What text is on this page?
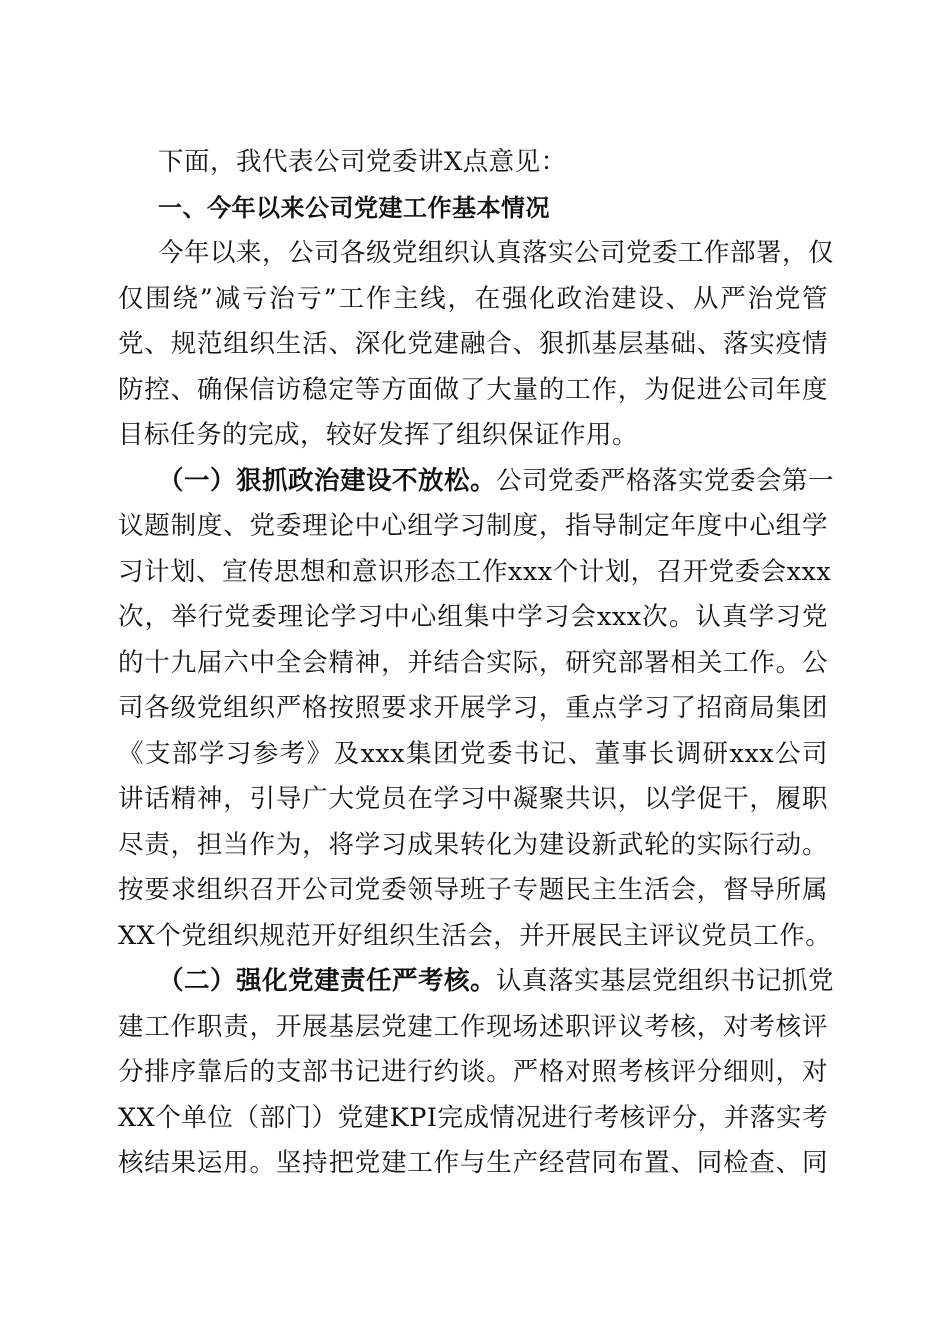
下面，我代表公司党委讲X点意见：
一、今年以来公司党建工作基本情况
今年以来，公司各级党组织认真落实公司党委工作部署，仅
仅围绕”减亏治亏”工作主线，在强化政治建设、从严治党管
党、规范组织生活、深化党建融合、狠抓基层基础、落实疫情
防控、确保信访稳定等方面做了大量的工作，为促进公司年度
目标任务的完成，较好发挥了组织保证作用。
（一）狠抓政治建设不放松。公司党委严格落实党委会第一
议题制度、党委理论中心组学习制度，指导制定年度中心组学
习计划、宣传思想和意识形态工作xxx个计划，召开党委会xxx
次，举行党委理论学习中心组集中学习会xxx次。认真学习党
的十九届六中全会精神，并结合实际，研究部署相关工作。公
司各级党组织严格按照要求开展学习，重点学习了招商局集团
《支部学习参考》及xxx集团党委书记、董事长调研xxx公司
讲话精神，引导广大党员在学习中凝聚共识，以学促干，履职
尽责，担当作为，将学习成果转化为建设新武轮的实际行动。
按要求组织召开公司党委领导班子专题民主生活会，督导所属
XX个党组织规范开好组织生活会，并开展民主评议党员工作。
（二）强化党建责任严考核。认真落实基层党组织书记抓党
建工作职责，开展基层党建工作现场述职评议考核，对考核评
分排序靠后的支部书记进行约谈。严格对照考核评分细则，对
XX个单位（部门）党建KPI完成情况进行考核评分，并落实考
核结果运用。坚持把党建工作与生产经营同布置、同检查、同
